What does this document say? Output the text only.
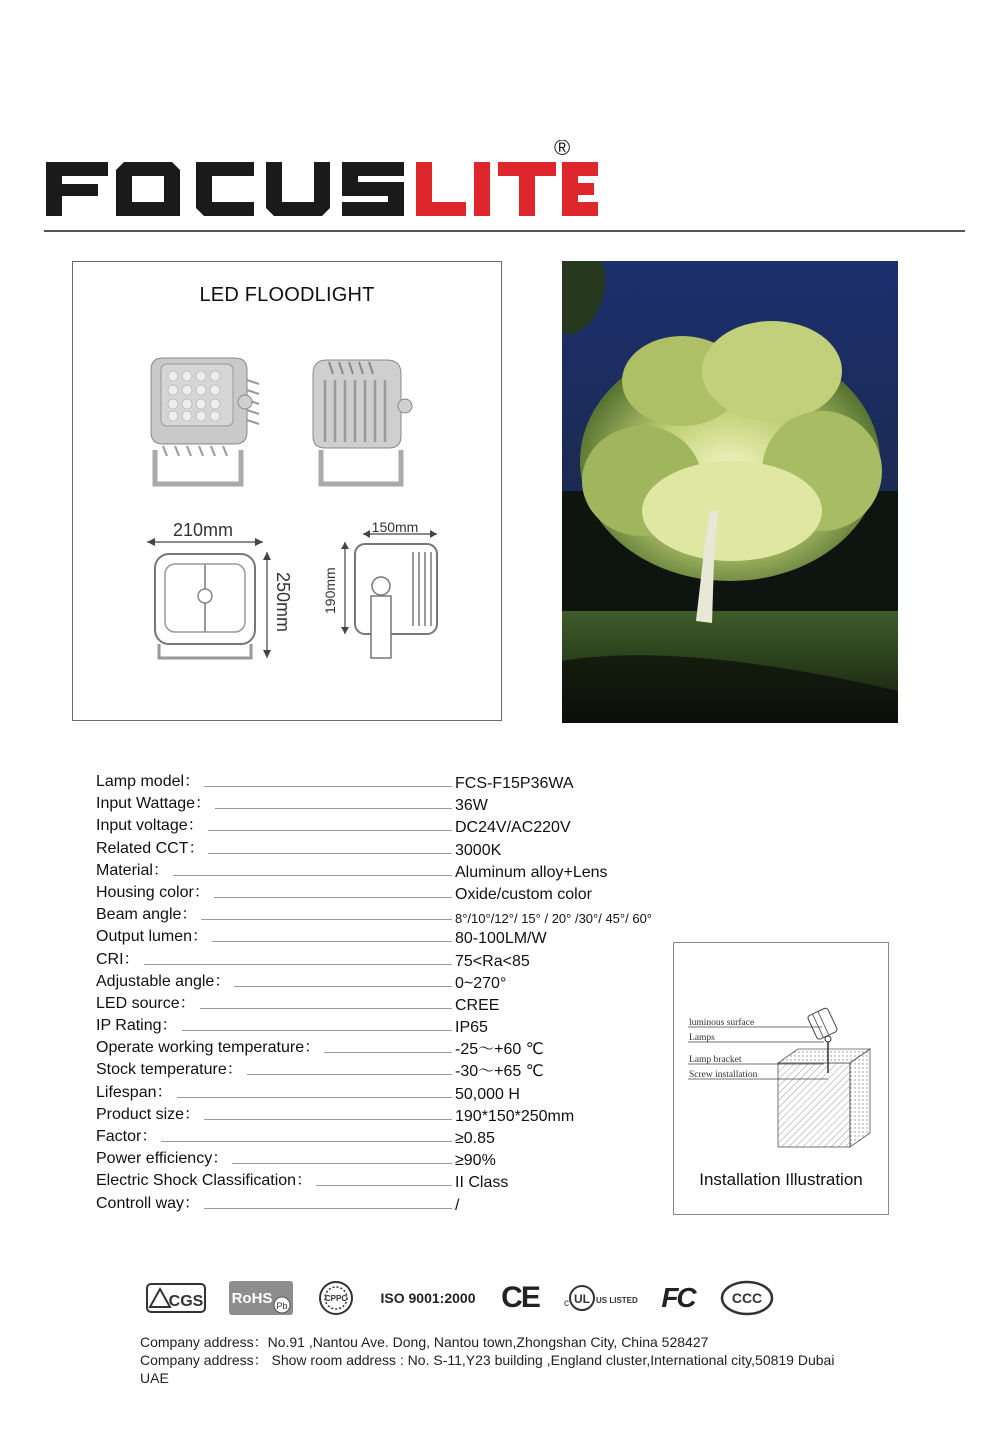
®
LED FLOODLIGHT
210mm
250mm
150mm
190mm
Lamp model：	FCS-F15P36WA
Input Wattage：	36W
Input voltage：	DC24V/AC220V
Related CCT：	3000K
Material：	Aluminum alloy+Lens
Housing color：	Oxide/custom color
Beam angle：	8°/10°/12°/ 15° / 20° /30°/ 45°/ 60°
Output lumen：	80-100LM/W
CRI：	75<Ra<85
Adjustable angle：	0~270°
LED source：	CREE
IP Rating：	IP65
Operate working temperature：	-25～+60 ℃
Stock temperature：	-30～+65 ℃
Lifespan：	50,000 H
Product size：	190*150*250mm
Factor：	≥0.85
Power efficiency：	≥90%
Electric Shock Classification：	II Class
Controll way：	/
luminous surface
Lamps
Lamp bracket
Screw installation
Installation Illustration
CGS RoHS Pb
CPPC	ISO 9001:2000 CE	c UL US LISTED FC	CCC
Company address：No.91 ,Nantou Ave. Dong, Nantou town,Zhongshan City, China 528427
Company address： Show room address : No. S-11,Y23 building ,England cluster,International city,50819 Dubai
UAE
